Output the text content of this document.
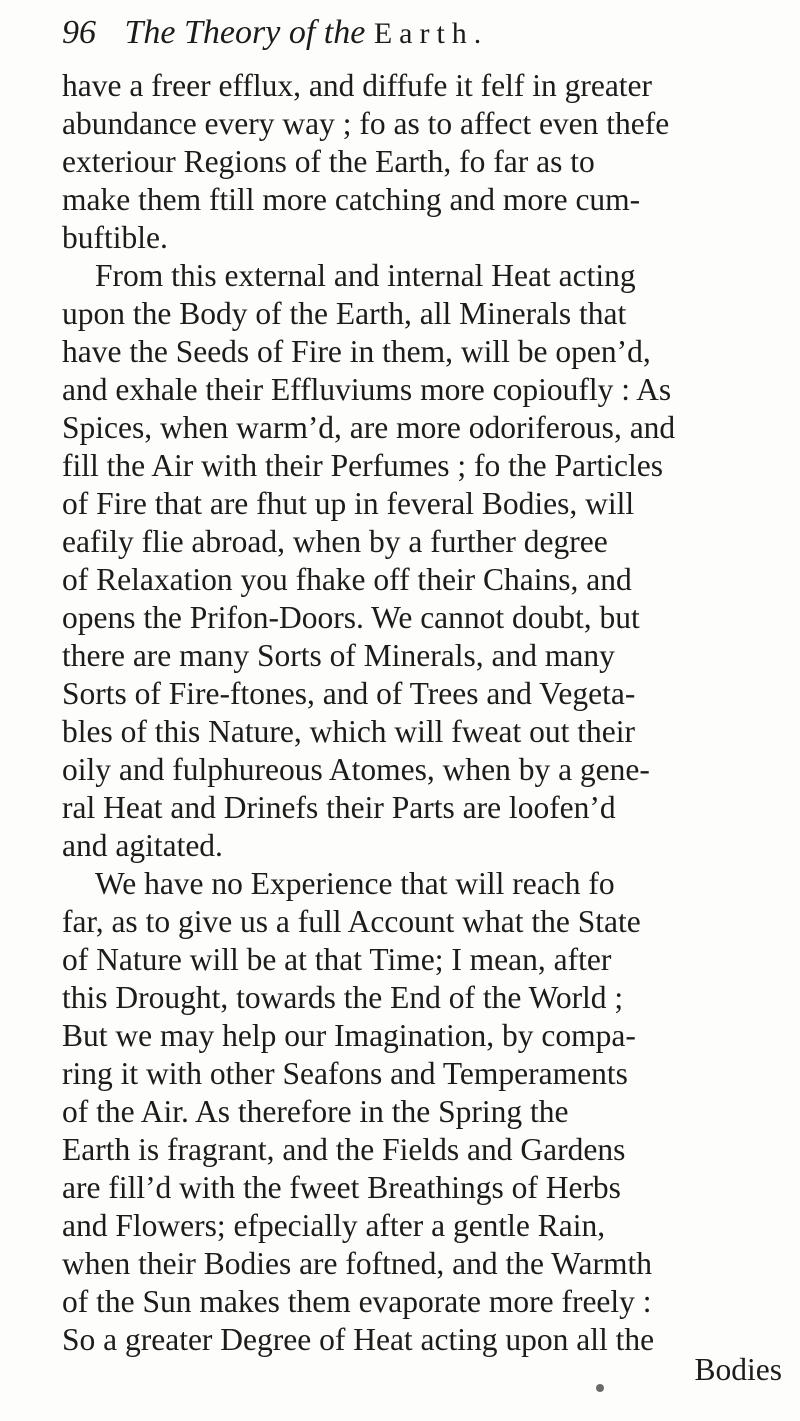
96 The Theory of the Earth.
have a freer efflux, and diffufe it felf in greater
abundance every way ; fo as to affect even thefe
exteriour Regions of the Earth, fo far as to
make them ftill more catching and more cum-
buftible.
From this external and internal Heat acting
upon the Body of the Earth, all Minerals that
have the Seeds of Fire in them, will be open’d,
and exhale their Effluviums more copioufly : As
Spices, when warm’d, are more odoriferous, and
fill the Air with their Perfumes ; fo the Particles
of Fire that are fhut up in feveral Bodies, will
eafily flie abroad, when by a further degree
of Relaxation you fhake off their Chains, and
opens the Prifon-Doors. We cannot doubt, but
there are many Sorts of Minerals, and many
Sorts of Fire-ftones, and of Trees and Vegeta-
bles of this Nature, which will fweat out their
oily and fulphureous Atomes, when by a gene-
ral Heat and Drinefs their Parts are loofen’d
and agitated.
We have no Experience that will reach fo
far, as to give us a full Account what the State
of Nature will be at that Time; I mean, after
this Drought, towards the End of the World ;
But we may help our Imagination, by compa-
ring it with other Seafons and Temperaments
of the Air. As therefore in the Spring the
Earth is fragrant, and the Fields and Gardens
are fill’d with the fweet Breathings of Herbs
and Flowers; efpecially after a gentle Rain,
when their Bodies are foftned, and the Warmth
of the Sun makes them evaporate more freely :
So a greater Degree of Heat acting upon all the
Bodies
